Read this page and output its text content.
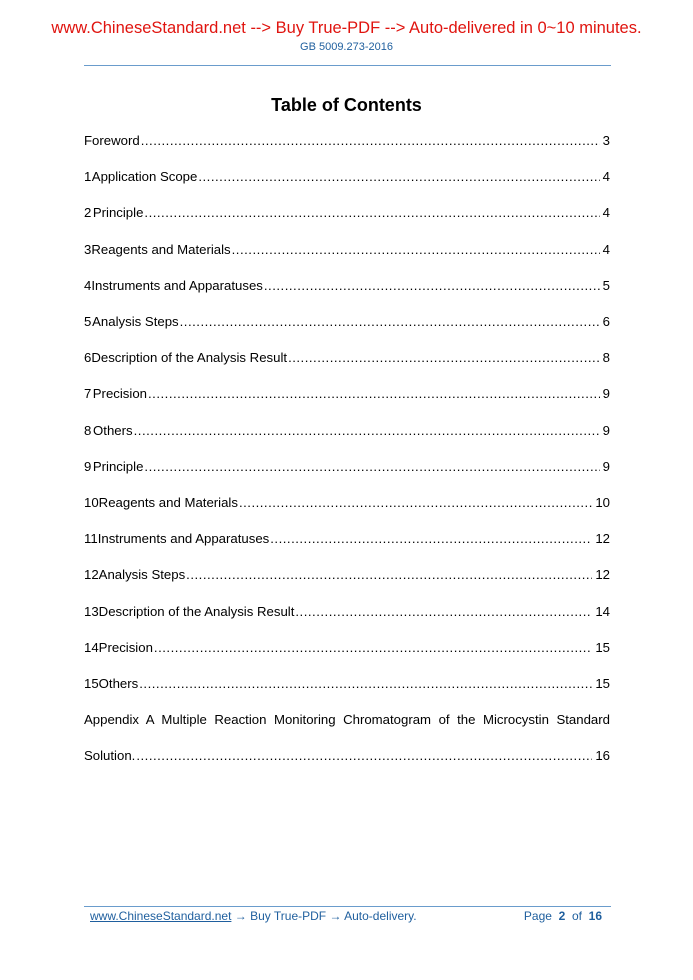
www.ChineseStandard.net --> Buy True-PDF --> Auto-delivered in 0~10 minutes.
GB 5009.273-2016
Table of Contents
Foreword .....	3
1 Application Scope .....	4
2 Principle .....	4
3 Reagents and Materials .....	4
4 Instruments and Apparatuses .....	5
5 Analysis Steps .....	6
6 Description of the Analysis Result .....	8
7 Precision .....	9
8 Others .....	9
9 Principle .....	9
10 Reagents and Materials .....	10
11 Instruments and Apparatuses .....	12
12 Analysis Steps .....	12
13 Description of the Analysis Result .....	14
14 Precision .....	15
15 Others .....	15
Appendix A Multiple Reaction Monitoring Chromatogram of the Microcystin Standard
Solution. .....	16
www.ChineseStandard.net → Buy True-PDF → Auto-delivery.	Page 2 of 16
